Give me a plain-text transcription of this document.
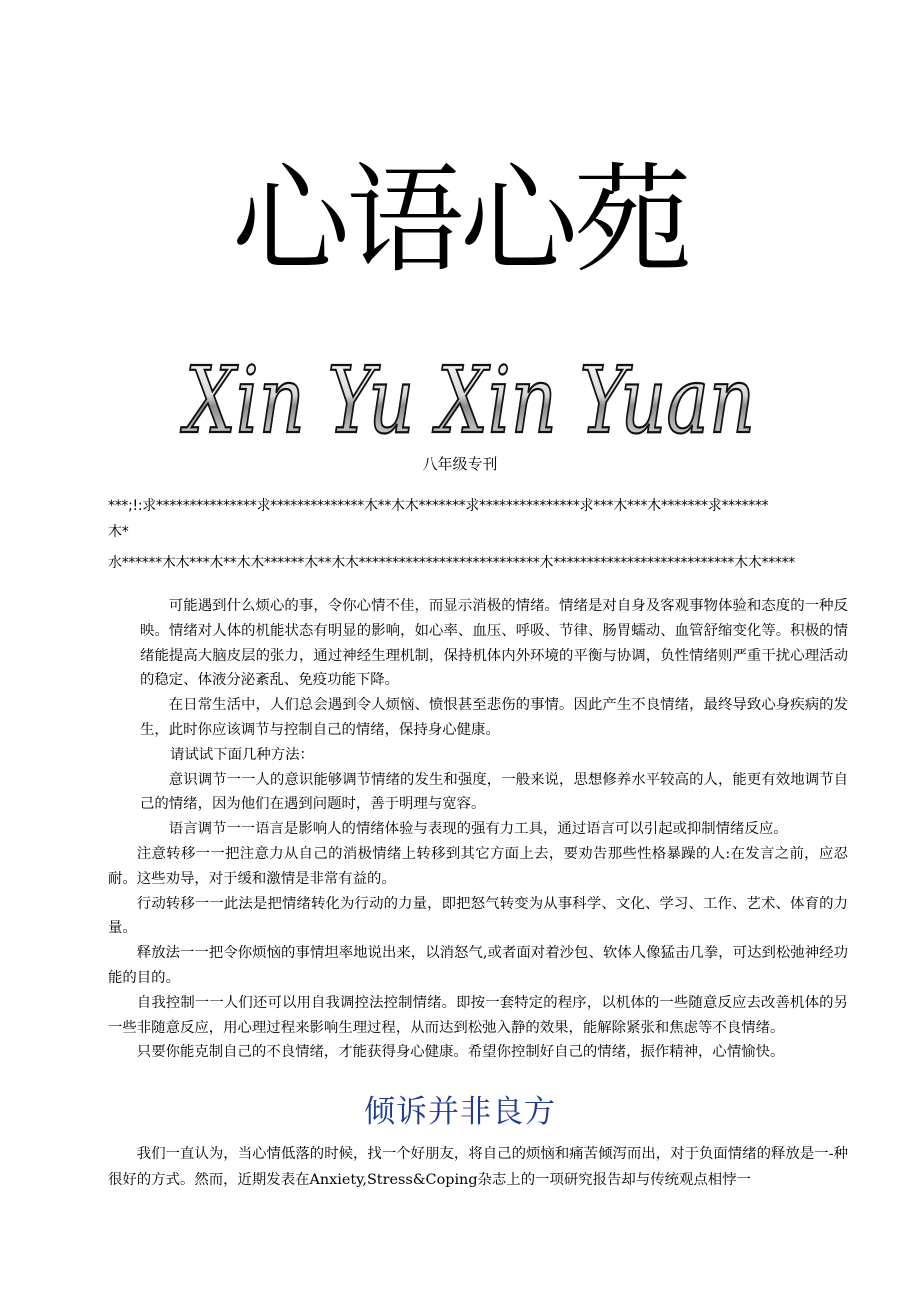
心语心苑
Xin Yu Xin Yuan
八年级专刊
***;!:求***************求**************木**木木*******求***************求***木***木*******求*******
木*
水******木木***木**木木******木**木木***************************木***************************木木*****

可能遇到什么烦心的事，令你心情不佳，而显示消极的情绪。情绪是对自身及客观事物体验和态度的一种反映。情绪对人体的机能状态有明显的影响，如心率、血压、呼吸、节律、肠胃蠕动、血管舒缩变化等。积极的情绪能提高大脑皮层的张力，通过神经生理机制，保持机体内外环境的平衡与协调，负性情绪则严重干扰心理活动的稳定、体液分泌紊乱、免疫功能下降。

在日常生活中，人们总会遇到令人烦恼、愤恨甚至悲伤的事情。因此产生不良情绪，最终导致心身疾病的发生，此时你应该调节与控制自己的情绪，保持身心健康。

请试试下面几种方法：

意识调节一一人的意识能够调节情绪的发生和强度，一般来说，思想修养水平较高的人，能更有效地调节自己的情绪，因为他们在遇到问题时，善于明理与宽容。

语言调节一一语言是影响人的情绪体验与表现的强有力工具，通过语言可以引起或抑制情绪反应。

注意转移一一把注意力从自己的消极情绪上转移到其它方面上去，要劝告那些性格暴躁的人:在发言之前，应忍耐。这些劝导，对于缓和激情是非常有益的。

行动转移一一此法是把情绪转化为行动的力量，即把怒气转变为从事科学、文化、学习、工作、艺术、体育的力量。

释放法一一把令你烦恼的事情坦率地说出来，以消怒气,或者面对着沙包、软体人像猛击几拳，可达到松弛神经功能的目的。

自我控制一一人们还可以用自我调控法控制情绪。即按一套特定的程序，以机体的一些随意反应去改善机体的另一些非随意反应，用心理过程来影响生理过程，从而达到松弛入静的效果，能解除紧张和焦虑等不良情绪。

只要你能克制自己的不良情绪，才能获得身心健康。希望你控制好自己的情绪，振作精神，心情愉快。

倾诉并非良方

我们一直认为，当心情低落的时候，找一个好朋友，将自己的烦恼和痛苦倾泻而出，对于负面情绪的释放是一-种很好的方式。然而，近期发表在Anxiety,Stress&Coping杂志上的一项研究报告却与传统观点相悖一
